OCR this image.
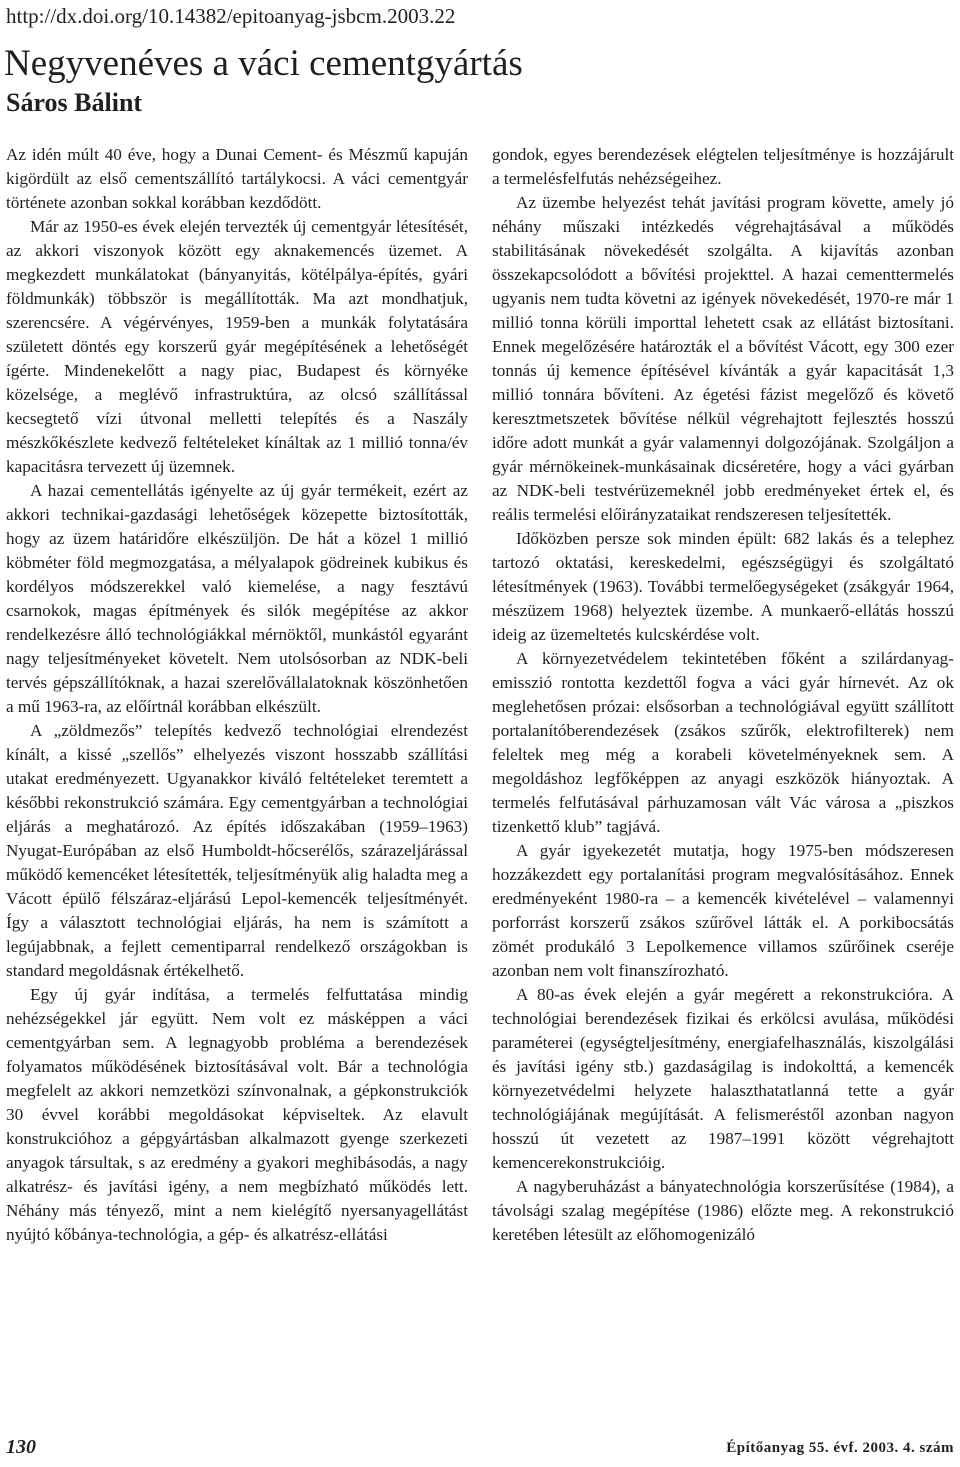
http://dx.doi.org/10.14382/epitoanyag-jsbcm.2003.22
Negyvenéves a váci cementgyártás
Sáros Bálint

Az idén múlt 40 éve, hogy a Dunai Cement- és Mészmű kapuján kigördült az első cementszállító tartálykocsi. A váci cementgyár története azonban sokkal korábban kezdődött.

Már az 1950-es évek elején tervezték új cementgyár létesítését, az akkori viszonyok között egy aknakemencés üzemet. A megkezdett munkálatokat (bányanyitás, kötélpálya-építés, gyári földmunkák) többször is megállították. Ma azt mondhatjuk, szerencsére. A végérvényes, 1959-ben a munkák folytatására született döntés egy korszerű gyár megépítésének a lehetőségét ígérte. Mindenekelőtt a nagy piac, Budapest és környéke közelsége, a meglévő infrastruktúra, az olcsó szállítással kecsegtető vízi útvonal melletti telepítés és a Naszály mészkőkészlete kedvező feltételeket kínáltak az 1 millió tonna/év kapacitásra tervezett új üzemnek.

A hazai cementellátás igényelte az új gyár termékeit, ezért az akkori technikai-gazdasági lehetőségek közepette biztosították, hogy az üzem határidőre elkészüljön. De hát a közel 1 millió köbméter föld megmozgatása, a mélyalapok gödreinek kubikus és kordélyos módszerekkel való kiemelése, a nagy fesztávú csarnokok, magas építmények és silók megépítése az akkor rendelkezésre álló technológiákkal mérnöktől, munkástól egyaránt nagy teljesítményeket követelt. Nem utolsósorban az NDK-beli tervés gépszállítóknak, a hazai szerelővállalatoknak köszönhetően a mű 1963-ra, az előírtnál korábban elkészült.

A „zöldmezős” telepítés kedvező technológiai elrendezést kínált, a kissé „szellős” elhelyezés viszont hosszabb szállítási utakat eredményezett. Ugyanakkor kiváló feltételeket teremtett a későbbi rekonstrukció számára. Egy cementgyárban a technológiai eljárás a meghatározó. Az építés időszakában (1959–1963) Nyugat-Európában az első Humboldt-hőcserélős, szárazeljárással működő kemencéket létesítették, teljesítményük alig haladta meg a Vácott épülő félszáraz-eljárású Lepol-kemencék teljesítményét. Így a választott technológiai eljárás, ha nem is számított a legújabbnak, a fejlett cementiparral rendelkező országokban is standard megoldásnak értékelhető.

Egy új gyár indítása, a termelés felfuttatása mindig nehézségekkel jár együtt. Nem volt ez másképpen a váci cementgyárban sem. A legnagyobb probléma a berendezések folyamatos működésének biztosításával volt. Bár a technológia megfelelt az akkori nemzetközi színvonalnak, a gépkonstrukciók 30 évvel korábbi megoldásokat képviseltek. Az elavult konstrukcióhoz a gépgyártásban alkalmazott gyenge szerkezeti anyagok társultak, s az eredmény a gyakori meghibásodás, a nagy alkatrész- és javítási igény, a nem megbízható működés lett. Néhány más tényező, mint a nem kielégítő nyersanyagellátást nyújtó kőbánya-technológia, a gép- és alkatrész-ellátási

gondok, egyes berendezések elégtelen teljesítménye is hozzájárult a termelésfelfutás nehézségeihez.

Az üzembe helyezést tehát javítási program követte, amely jó néhány műszaki intézkedés végrehajtásával a működés stabilitásának növekedését szolgálta. A kijavítás azonban összekapcsolódott a bővítési projekttel. A hazai cementtermelés ugyanis nem tudta követni az igények növekedését, 1970-re már 1 millió tonna körüli importtal lehetett csak az ellátást biztosítani. Ennek megelőzésére határozták el a bővítést Vácott, egy 300 ezer tonnás új kemence építésével kívánták a gyár kapacitását 1,3 millió tonnára bővíteni. Az égetési fázist megelőző és követő keresztmetszetek bővítése nélkül végrehajtott fejlesztés hosszú időre adott munkát a gyár valamennyi dolgozójának. Szolgáljon a gyár mérnökeinek-munkásainak dicséretére, hogy a váci gyárban az NDK-beli testvérüzemeknél jobb eredményeket értek el, és reális termelési előirányzataikat rendszeresen teljesítették.

Időközben persze sok minden épült: 682 lakás és a telephez tartozó oktatási, kereskedelmi, egészségügyi és szolgáltató létesítmények (1963). További termelőegységeket (zsákgyár 1964, mészüzem 1968) helyeztek üzembe. A munkaerő-ellátás hosszú ideig az üzemeltetés kulcskérdése volt.

A környezetvédelem tekintetében főként a szilárdanyag-emisszió rontotta kezdettől fogva a váci gyár hírnevét. Az ok meglehetősen prózai: elsősorban a technológiával együtt szállított portalanítóberendezések (zsákos szűrők, elektrofilterek) nem feleltek meg még a korabeli követelményeknek sem. A megoldáshoz legfőképpen az anyagi eszközök hiányoztak. A termelés felfutásával párhuzamosan vált Vác városa a „piszkos tizenkettő klub” tagjává.

A gyár igyekezetét mutatja, hogy 1975-ben módszeresen hozzákezdett egy portalanítási program megvalósításához. Ennek eredményeként 1980-ra – a kemencék kivételével – valamennyi porforrást korszerű zsákos szűrővel látták el. A porkibocsátás zömét produkáló 3 Lepolkemence villamos szűrőinek cseréje azonban nem volt finanszírozható.

A 80-as évek elején a gyár megérett a rekonstrukcióra. A technológiai berendezések fizikai és erkölcsi avulása, működési paraméterei (egységteljesítmény, energiafelhasználás, kiszolgálási és javítási igény stb.) gazdaságilag is indokolttá, a kemencék környezetvédelmi helyzete halaszthatatlanná tette a gyár technológiájának megújítását. A felismeréstől azonban nagyon hosszú út vezetett az 1987–1991 között végrehajtott kemencerekonstrukcióig.

A nagyberuházást a bányatechnológia korszerűsítése (1984), a távolsági szalag megépítése (1986) előzte meg. A rekonstrukció keretében létesült az előhomogenizáló

130	Építőanyag 55. évf. 2003. 4. szám
